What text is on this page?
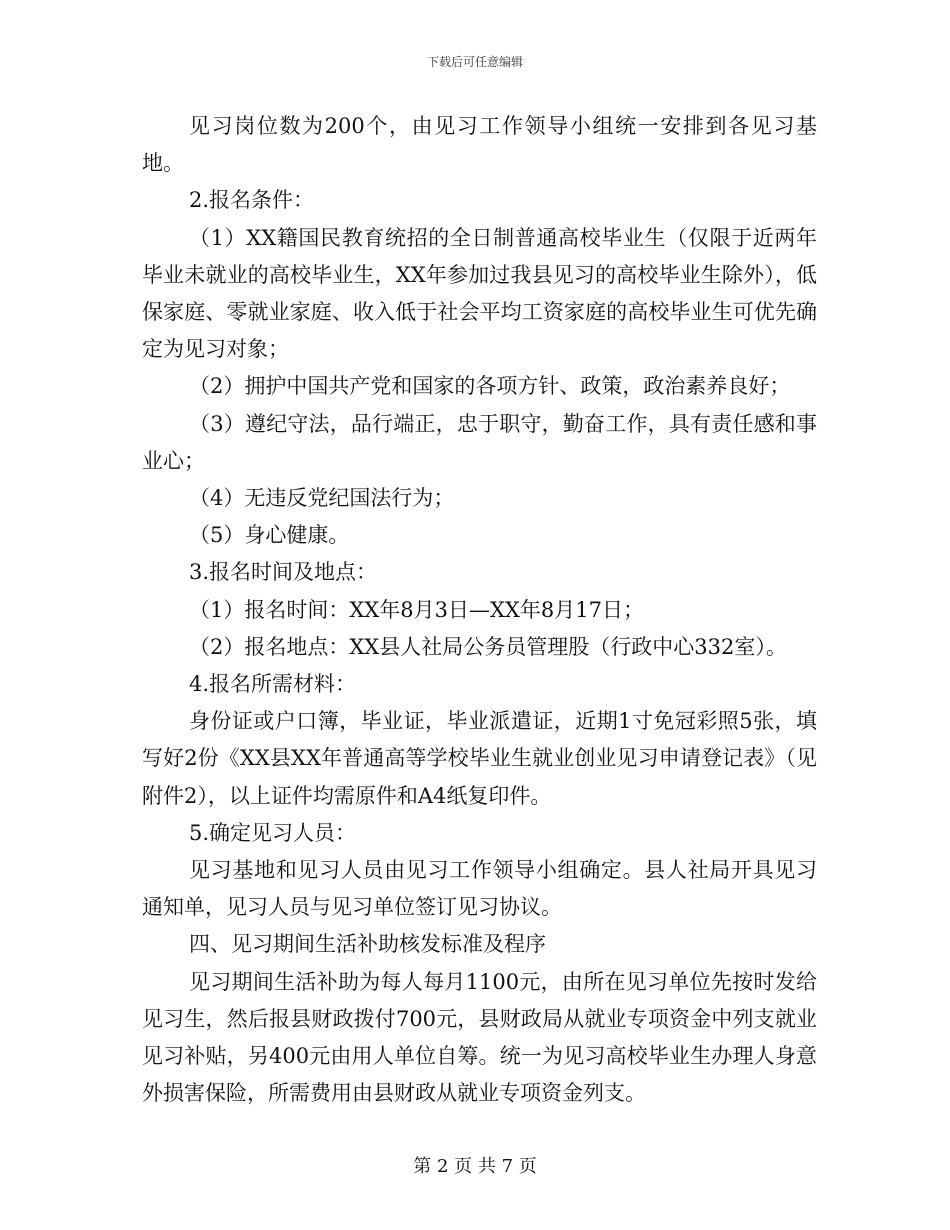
下载后可任意编辑

见习岗位数为200个，由见习工作领导小组统一安排到各见习基地。

2.报名条件：

（1）XX籍国民教育统招的全日制普通高校毕业生（仅限于近两年毕业未就业的高校毕业生，XX年参加过我县见习的高校毕业生除外），低保家庭、零就业家庭、收入低于社会平均工资家庭的高校毕业生可优先确定为见习对象；

（2）拥护中国共产党和国家的各项方针、政策，政治素养良好；

（3）遵纪守法，品行端正，忠于职守，勤奋工作，具有责任感和事业心；

（4）无违反党纪国法行为；

（5）身心健康。

3.报名时间及地点：

（1）报名时间：XX年8月3日—XX年8月17日；

（2）报名地点：XX县人社局公务员管理股（行政中心332室）。

4.报名所需材料：

身份证或户口簿，毕业证，毕业派遣证，近期1寸免冠彩照5张，填写好2份《XX县XX年普通高等学校毕业生就业创业见习申请登记表》（见附件2），以上证件均需原件和A4纸复印件。

5.确定见习人员：

见习基地和见习人员由见习工作领导小组确定。县人社局开具见习通知单，见习人员与见习单位签订见习协议。

四、见习期间生活补助核发标准及程序

见习期间生活补助为每人每月1100元，由所在见习单位先按时发给见习生，然后报县财政拨付700元，县财政局从就业专项资金中列支就业见习补贴，另400元由用人单位自筹。统一为见习高校毕业生办理人身意外损害保险，所需费用由县财政从就业专项资金列支。

第 2 页 共 7 页
